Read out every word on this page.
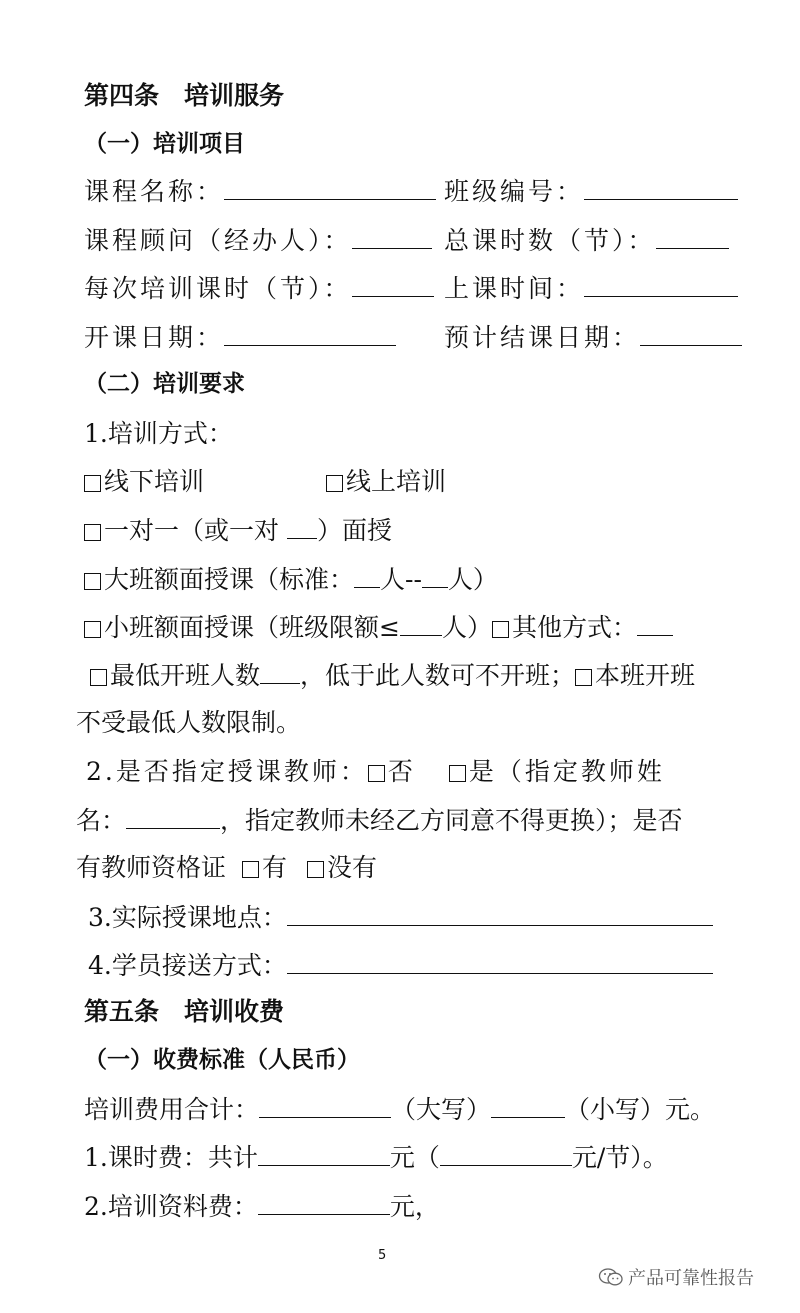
第四条　培训服务
（一）培训项目
课程名称：	班级编号：
课程顾问（经办人）：	总课时数（节）：
每次培训课时（节）：	上课时间：
开课日期：	预计结课日期：
（二）培训要求
1.培训方式：
线下培训	线上培训
一对一（或一对 ）面授
大班额面授课（标准： 人-- 人）
小班额面授课（班级限额≤ 人） 其他方式：
最低开班人数 ，低于此人数可不开班； 本班开班
不受最低人数限制。
2.是否指定授课教师： 否 是（指定教师姓
名：	，指定教师未经乙方同意不得更换）；是否
有教师资格证 有 没有
3.实际授课地点：
4.学员接送方式：
第五条　培训收费
（一）收费标准（人民币）
培训费用合计：	（大写）	（小写）元。
1.课时费：共计	元（	元/节）。
2.培训资料费：	元，
5
产品可靠性报告
